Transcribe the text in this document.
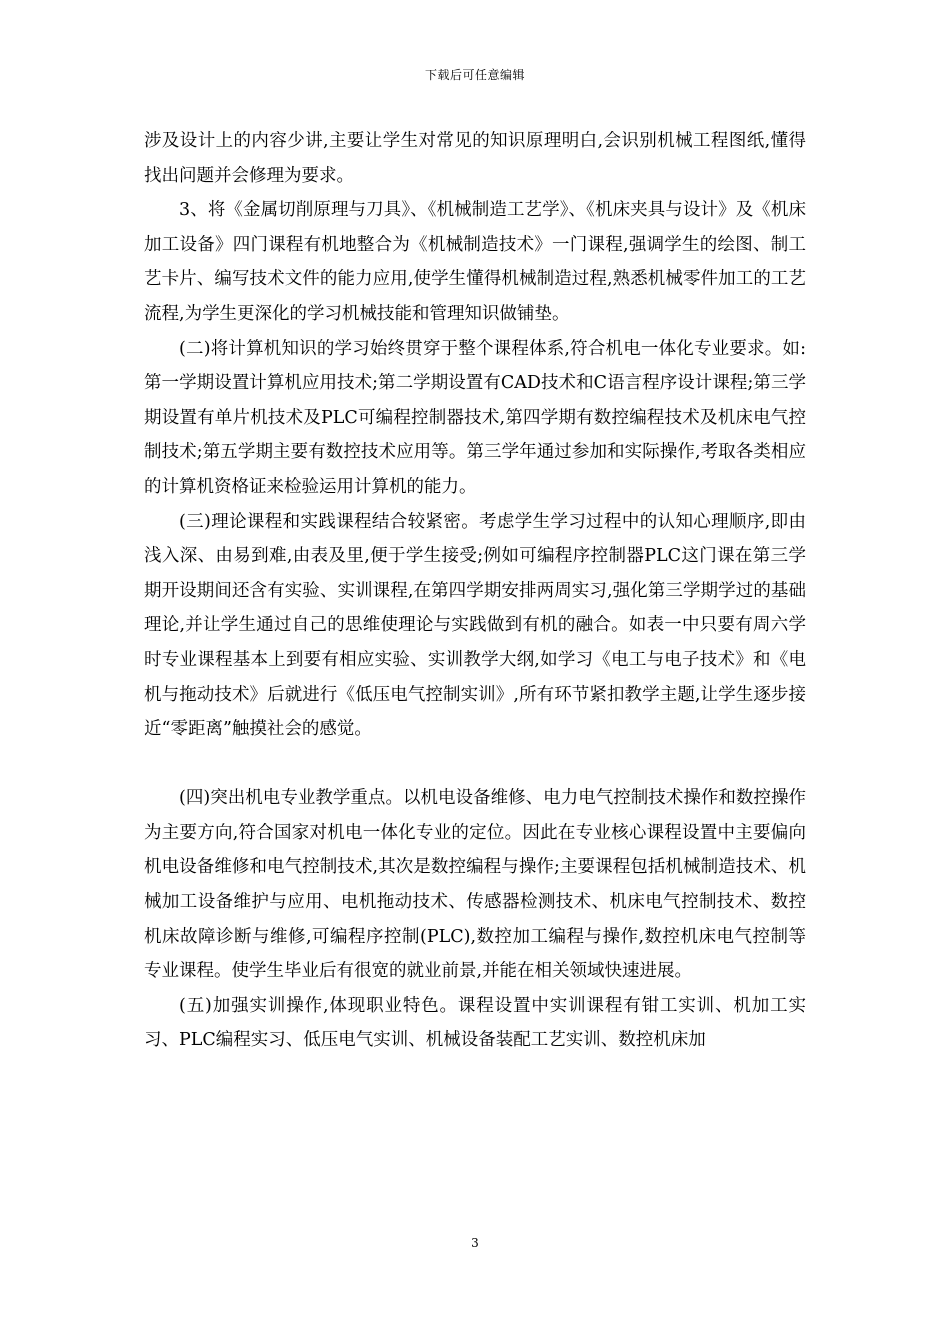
下载后可任意编辑

涉及设计上的内容少讲,主要让学生对常见的知识原理明白,会识别机械工程图纸,懂得找出问题并会修理为要求。

3、将《金属切削原理与刀具》、《机械制造工艺学》、《机床夹具与设计》及《机床加工设备》四门课程有机地整合为《机械制造技术》一门课程,强调学生的绘图、制工艺卡片、编写技术文件的能力应用,使学生懂得机械制造过程,熟悉机械零件加工的工艺流程,为学生更深化的学习机械技能和管理知识做铺垫。

(二)将计算机知识的学习始终贯穿于整个课程体系,符合机电一体化专业要求。如:第一学期设置计算机应用技术;第二学期设置有CAD技术和C语言程序设计课程;第三学期设置有单片机技术及PLC可编程控制器技术,第四学期有数控编程技术及机床电气控制技术;第五学期主要有数控技术应用等。第三学年通过参加和实际操作,考取各类相应的计算机资格证来检验运用计算机的能力。

(三)理论课程和实践课程结合较紧密。考虑学生学习过程中的认知心理顺序,即由浅入深、由易到难,由表及里,便于学生接受;例如可编程序控制器PLC这门课在第三学期开设期间还含有实验、实训课程,在第四学期安排两周实习,强化第三学期学过的基础理论,并让学生通过自己的思维使理论与实践做到有机的融合。如表一中只要有周六学时专业课程基本上到要有相应实验、实训教学大纲,如学习《电工与电子技术》和《电机与拖动技术》后就进行《低压电气控制实训》,所有环节紧扣教学主题,让学生逐步接近“零距离”触摸社会的感觉。

(四)突出机电专业教学重点。以机电设备维修、电力电气控制技术操作和数控操作为主要方向,符合国家对机电一体化专业的定位。因此在专业核心课程设置中主要偏向机电设备维修和电气控制技术,其次是数控编程与操作;主要课程包括机械制造技术、机械加工设备维护与应用、电机拖动技术、传感器检测技术、机床电气控制技术、数控机床故障诊断与维修,可编程序控制(PLC),数控加工编程与操作,数控机床电气控制等专业课程。使学生毕业后有很宽的就业前景,并能在相关领域快速进展。

(五)加强实训操作,体现职业特色。课程设置中实训课程有钳工实训、机加工实习、PLC编程实习、低压电气实训、机械设备装配工艺实训、数控机床加

3
